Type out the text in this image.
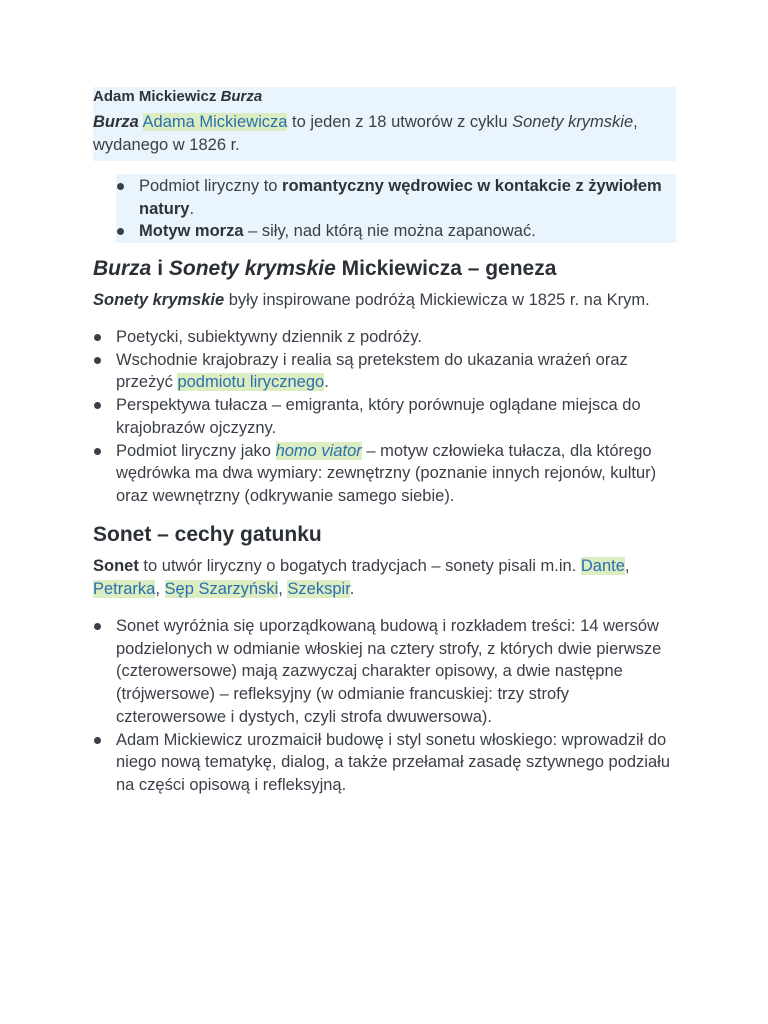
Adam Mickiewicz Burza
Burza Adama Mickiewicza to jeden z 18 utworów z cyklu Sonety krymskie, wydanego w 1826 r.
Podmiot liryczny to romantyczny wędrowiec w kontakcie z żywiołem natury.
Motyw morza – siły, nad którą nie można zapanować.
Burza i Sonety krymskie Mickiewicza – geneza
Sonety krymskie były inspirowane podróżą Mickiewicza w 1825 r. na Krym.
Poetycki, subiektywny dziennik z podróży.
Wschodnie krajobrazy i realia są pretekstem do ukazania wrażeń oraz przeżyć podmiotu lirycznego.
Perspektywa tułacza – emigranta, który porównuje oglądane miejsca do krajobrazów ojczyzny.
Podmiot liryczny jako homo viator – motyw człowieka tułacza, dla którego wędrówka ma dwa wymiary: zewnętrzny (poznanie innych rejonów, kultur) oraz wewnętrzny (odkrywanie samego siebie).
Sonet – cechy gatunku
Sonet to utwór liryczny o bogatych tradycjach – sonety pisali m.in. Dante, Petrarka, Sęp Szarzyński, Szekspir.
Sonet wyróżnia się uporządkowaną budową i rozkładem treści: 14 wersów podzielonych w odmianie włoskiej na cztery strofy, z których dwie pierwsze (czterowersowe) mają zazwyczaj charakter opisowy, a dwie następne (trójwersowe) – refleksyjny (w odmianie francuskiej: trzy strofy czterowersowe i dystych, czyli strofa dwuwersowa).
Adam Mickiewicz urozmaicił budowę i styl sonetu włoskiego: wprowadził do niego nową tematykę, dialog, a także przełamał zasadę sztywnego podziału na części opisową i refleksyjną.
